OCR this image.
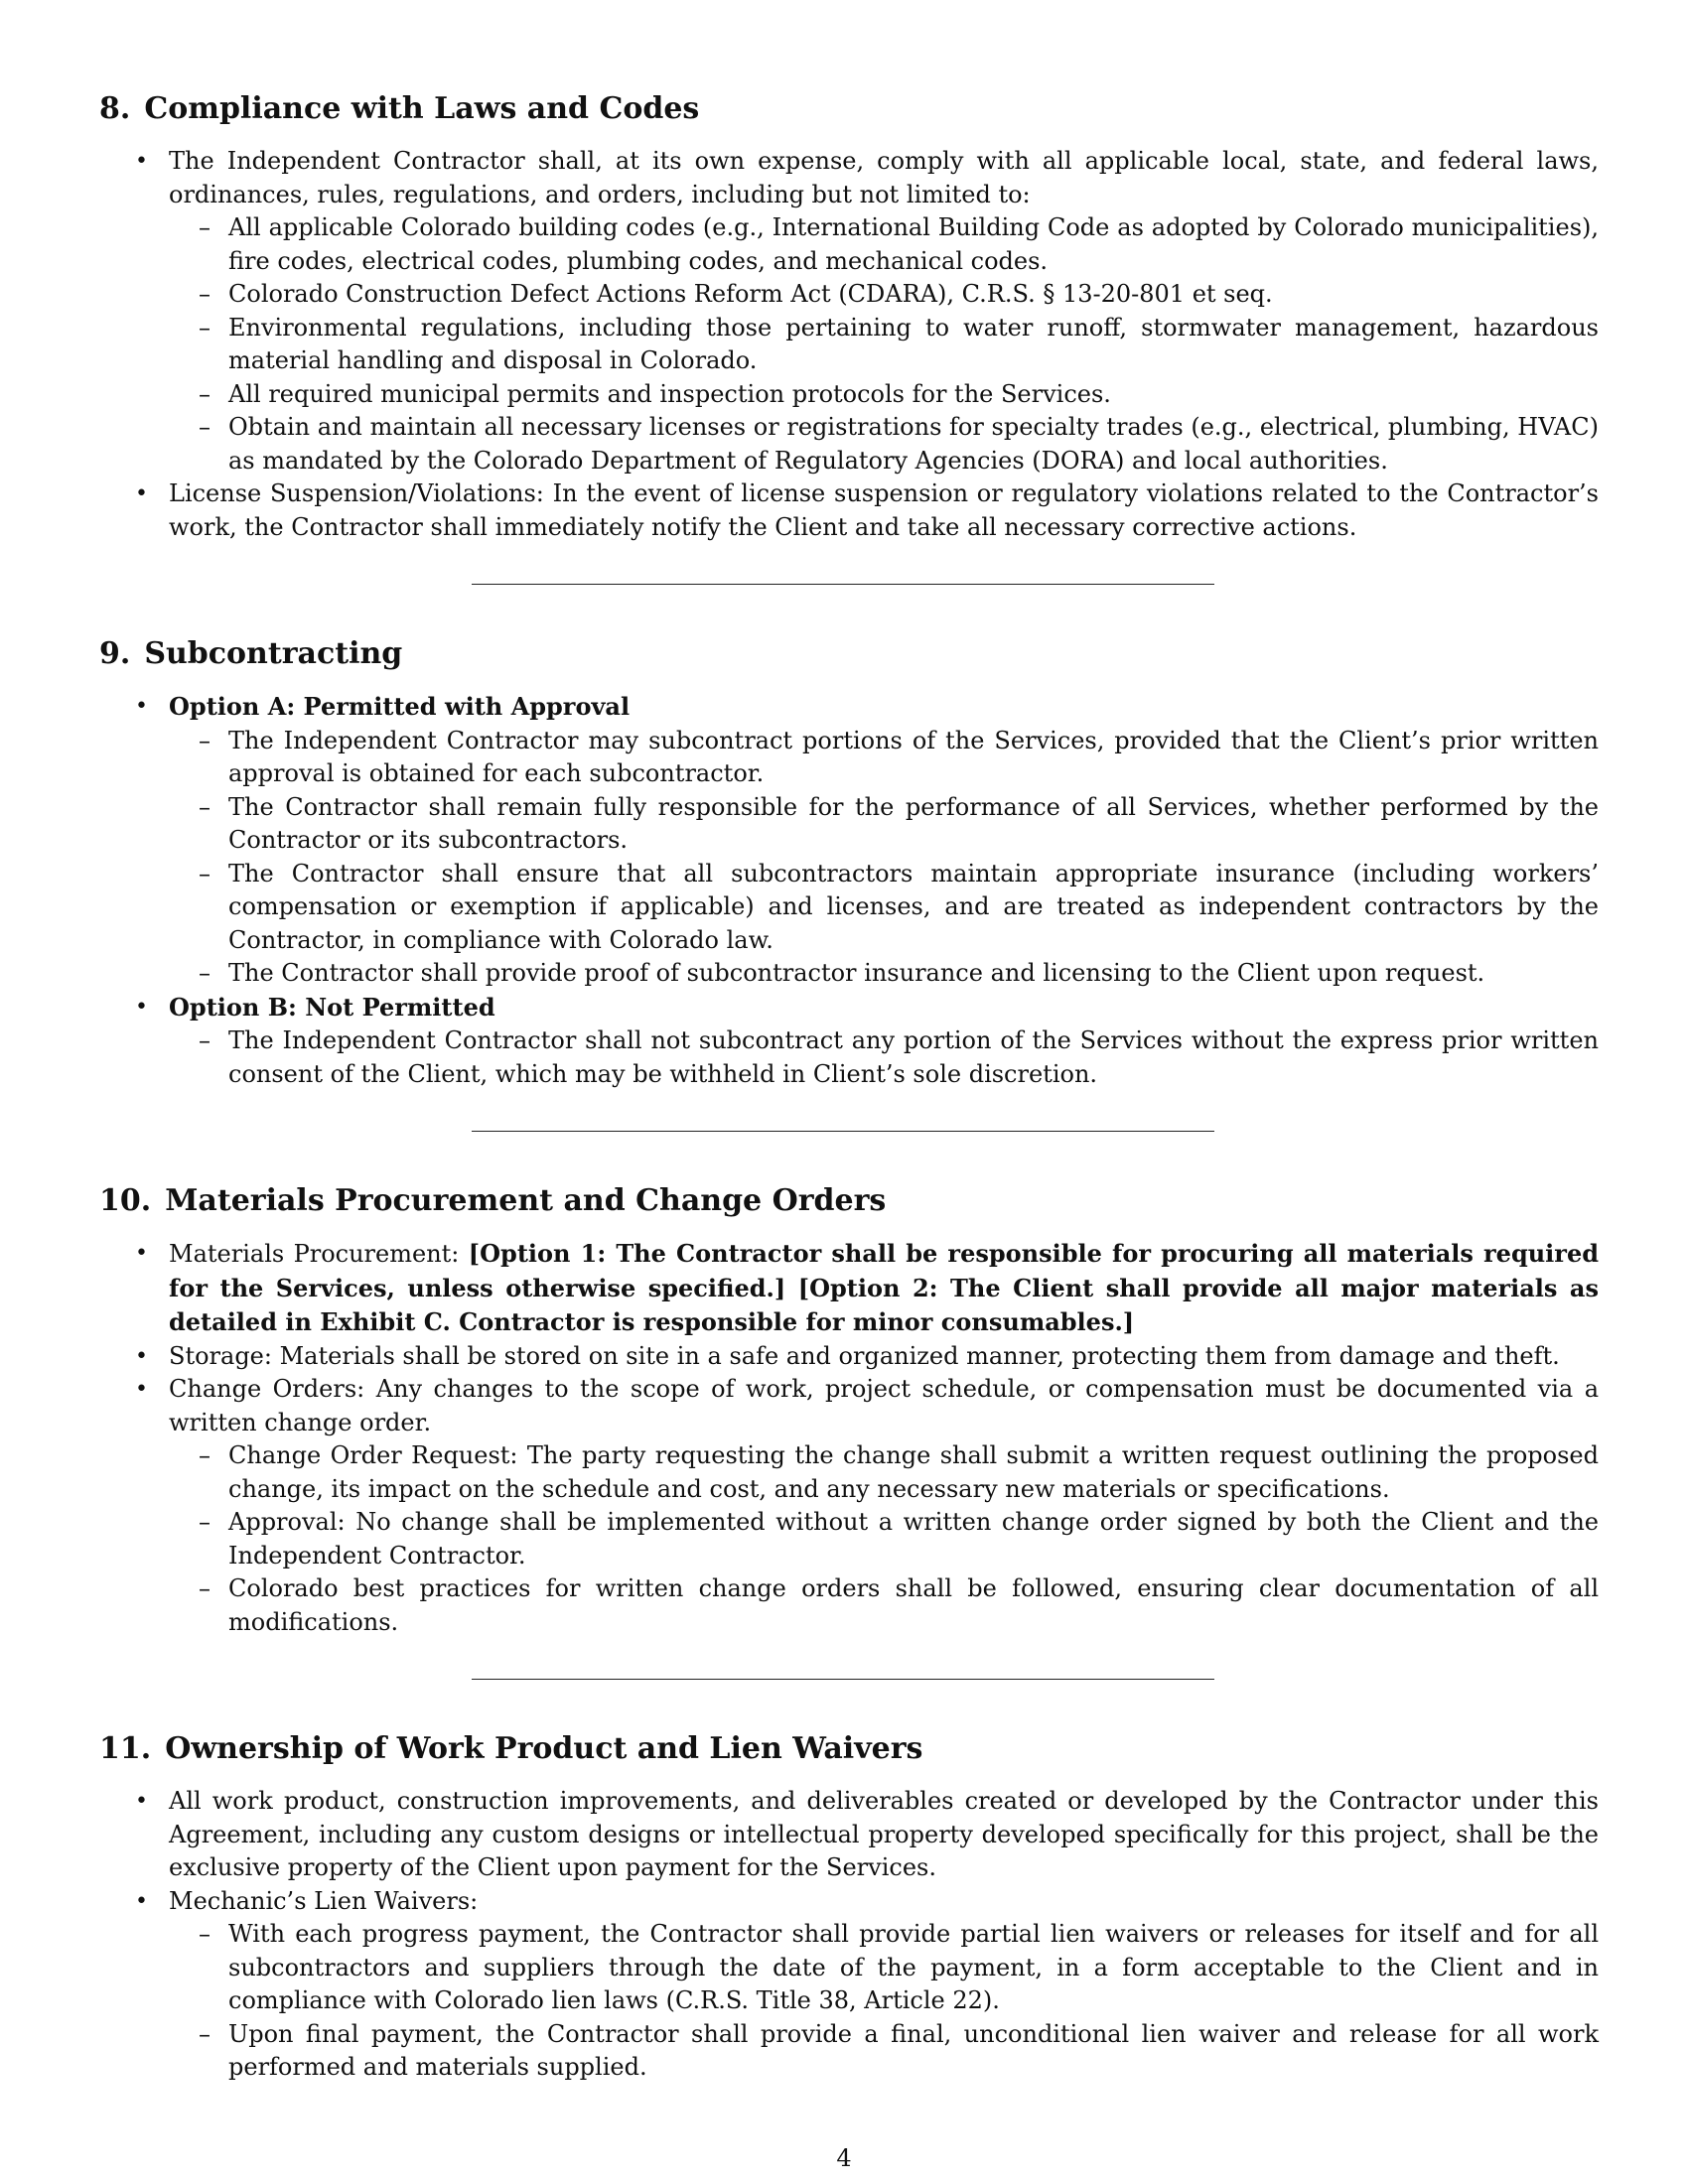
8. Compliance with Laws and Codes
• The Independent Contractor shall, at its own expense, comply with all applicable local, state, and federal laws, ordinances, rules, regulations, and orders, including but not limited to:
– All applicable Colorado building codes (e.g., International Building Code as adopted by Colorado municipalities), fire codes, electrical codes, plumbing codes, and mechanical codes.
– Colorado Construction Defect Actions Reform Act (CDARA), C.R.S. § 13-20-801 et seq.
– Environmental regulations, including those pertaining to water runoff, stormwater management, hazardous material handling and disposal in Colorado.
– All required municipal permits and inspection protocols for the Services.
– Obtain and maintain all necessary licenses or registrations for specialty trades (e.g., electrical, plumbing, HVAC) as mandated by the Colorado Department of Regulatory Agencies (DORA) and local authorities.
• License Suspension/Violations: In the event of license suspension or regulatory violations related to the Contractor’s work, the Contractor shall immediately notify the Client and take all necessary corrective actions.
9. Subcontracting
• Option A: Permitted with Approval
– The Independent Contractor may subcontract portions of the Services, provided that the Client’s prior written approval is obtained for each subcontractor.
– The Contractor shall remain fully responsible for the performance of all Services, whether performed by the Contractor or its subcontractors.
– The Contractor shall ensure that all subcontractors maintain appropriate insurance (including workers’ compensation or exemption if applicable) and licenses, and are treated as independent contractors by the Contractor, in compliance with Colorado law.
– The Contractor shall provide proof of subcontractor insurance and licensing to the Client upon request.
• Option B: Not Permitted
– The Independent Contractor shall not subcontract any portion of the Services without the express prior written consent of the Client, which may be withheld in Client’s sole discretion.
10. Materials Procurement and Change Orders
• Materials Procurement: [Option 1: The Contractor shall be responsible for procuring all materials required for the Services, unless otherwise specified.] [Option 2: The Client shall provide all major materials as detailed in Exhibit C. Contractor is responsible for minor consumables.]
• Storage: Materials shall be stored on site in a safe and organized manner, protecting them from damage and theft.
• Change Orders: Any changes to the scope of work, project schedule, or compensation must be documented via a written change order.
– Change Order Request: The party requesting the change shall submit a written request outlining the proposed change, its impact on the schedule and cost, and any necessary new materials or specifications.
– Approval: No change shall be implemented without a written change order signed by both the Client and the Independent Contractor.
– Colorado best practices for written change orders shall be followed, ensuring clear documentation of all modifications.
11. Ownership of Work Product and Lien Waivers
• All work product, construction improvements, and deliverables created or developed by the Contractor under this Agreement, including any custom designs or intellectual property developed specifically for this project, shall be the exclusive property of the Client upon payment for the Services.
• Mechanic’s Lien Waivers:
– With each progress payment, the Contractor shall provide partial lien waivers or releases for itself and for all subcontractors and suppliers through the date of the payment, in a form acceptable to the Client and in compliance with Colorado lien laws (C.R.S. Title 38, Article 22).
– Upon final payment, the Contractor shall provide a final, unconditional lien waiver and release for all work performed and materials supplied.
4
